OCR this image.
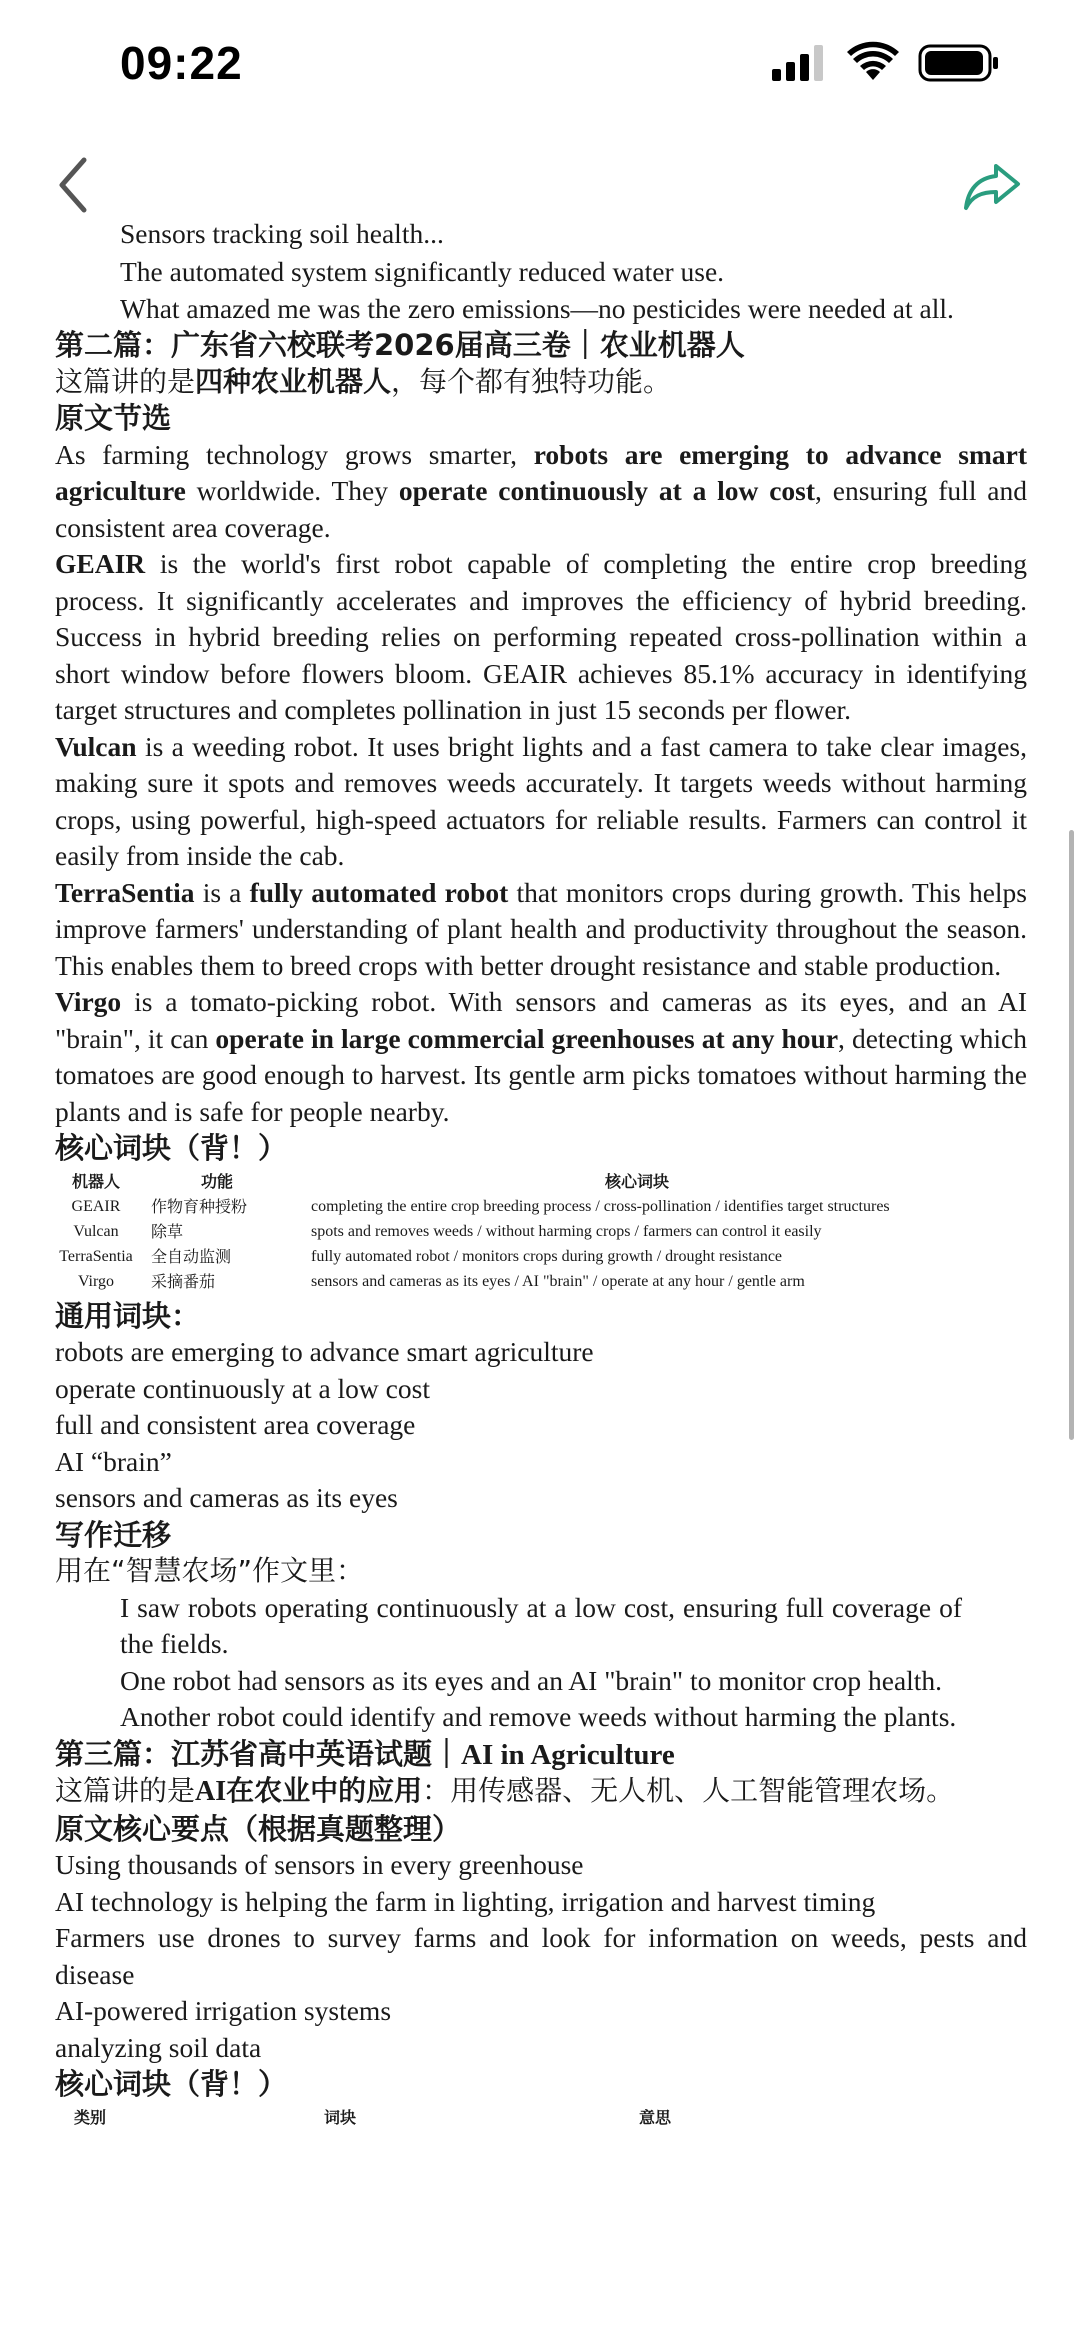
09:22

Sensors tracking soil health...

The automated system significantly reduced water use.

What amazed me was the zero emissions—no pesticides were needed at all.

第二篇：广东省六校联考2026届高三卷｜农业机器人

这篇讲的是四种农业机器人，每个都有独特功能。

原文节选

As farming technology grows smarter, robots are emerging to advance smart agriculture worldwide. They operate continuously at a low cost, ensuring full and consistent area coverage.

GEAIR is the world's first robot capable of completing the entire crop breeding process. It significantly accelerates and improves the efficiency of hybrid breeding. Success in hybrid breeding relies on performing repeated cross-pollination within a short window before flowers bloom. GEAIR achieves 85.1% accuracy in identifying target structures and completes pollination in just 15 seconds per flower.

Vulcan is a weeding robot. It uses bright lights and a fast camera to take clear images, making sure it spots and removes weeds accurately. It targets weeds without harming crops, using powerful, high-speed actuators for reliable results. Farmers can control it easily from inside the cab.

TerraSentia is a fully automated robot that monitors crops during growth. This helps improve farmers' understanding of plant health and productivity throughout the season. This enables them to breed crops with better drought resistance and stable production.

Virgo is a tomato-picking robot. With sensors and cameras as its eyes, and an AI "brain", it can operate in large commercial greenhouses at any hour, detecting which tomatoes are good enough to harvest. Its gentle arm picks tomatoes without harming the plants and is safe for people nearby.

核心词块（背！）

机器人	功能	核心词块
GEAIR	作物育种授粉	completing the entire crop breeding process / cross-pollination / identifies target structures
Vulcan	除草	spots and removes weeds / without harming crops / farmers can control it easily
TerraSentia	全自动监测	fully automated robot / monitors crops during growth / drought resistance
Virgo	采摘番茄	sensors and cameras as its eyes / AI "brain" / operate at any hour / gentle arm

通用词块：

robots are emerging to advance smart agriculture

operate continuously at a low cost

full and consistent area coverage

AI “brain”

sensors and cameras as its eyes

写作迁移

用在“智慧农场”作文里：

I saw robots operating continuously at a low cost, ensuring full coverage of the fields.

One robot had sensors as its eyes and an AI "brain" to monitor crop health.

Another robot could identify and remove weeds without harming the plants.

第三篇：江苏省高中英语试题｜AI in Agriculture

这篇讲的是AI在农业中的应用：用传感器、无人机、人工智能管理农场。

原文核心要点（根据真题整理）

Using thousands of sensors in every greenhouse

AI technology is helping the farm in lighting, irrigation and harvest timing

Farmers use drones to survey farms and look for information on weeds, pests and disease

AI-powered irrigation systems

analyzing soil data

核心词块（背！）

类别	词块	意思
